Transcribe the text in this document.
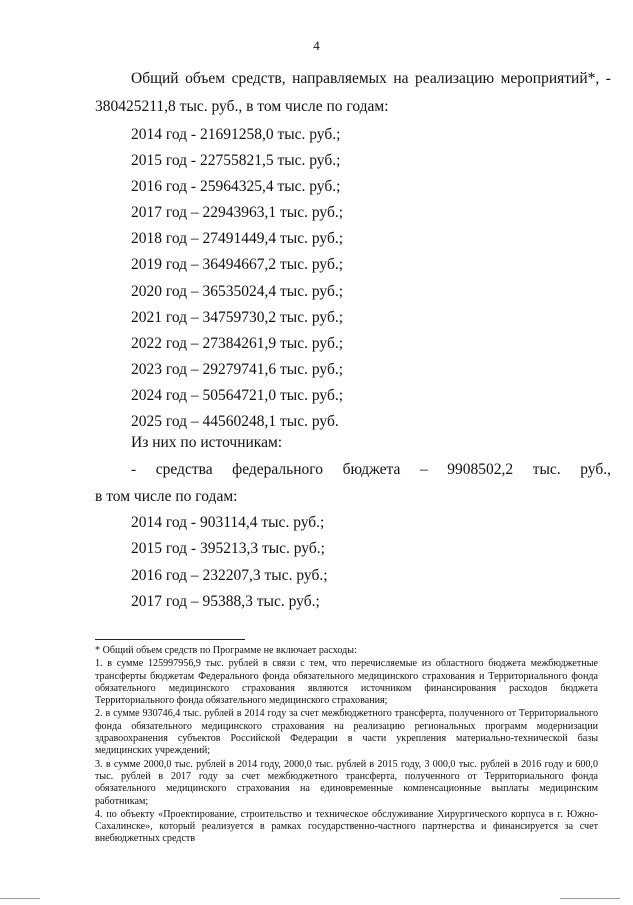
4
Общий объем средств, направляемых на реализацию мероприятий*, -
380425211,8 тыс. руб., в том числе по годам:
2014 год - 21691258,0 тыс. руб.;
2015 год - 22755821,5 тыс. руб.;
2016 год - 25964325,4 тыс. руб.;
2017 год – 22943963,1 тыс. руб.;
2018 год – 27491449,4 тыс. руб.;
2019 год – 36494667,2 тыс. руб.;
2020 год – 36535024,4 тыс. руб.;
2021 год – 34759730,2 тыс. руб.;
2022 год – 27384261,9 тыс. руб.;
2023 год – 29279741,6 тыс. руб.;
2024 год – 50564721,0 тыс. руб.;
2025 год – 44560248,1 тыс. руб.
Из них по источникам:
- средства федерального бюджета – 9908502,2 тыс. руб.,
в том числе по годам:
2014 год - 903114,4 тыс. руб.;
2015 год - 395213,3 тыс. руб.;
2016 год – 232207,3 тыс. руб.;
2017 год – 95388,3 тыс. руб.;

* Общий объем средств по Программе не включает расходы:

1. в сумме 125997956,9 тыс. рублей в связи с тем, что перечисляемые из областного бюджета межбюджетные трансферты бюджетам Федерального фонда обязательного медицинского страхования и Территориального фонда обязательного медицинского страхования являются источником финансирования расходов бюджета Территориального фонда обязательного медицинского страхования;

2. в сумме 930746,4 тыс. рублей в 2014 году за счет межбюджетного трансферта, полученного от Территориального фонда обязательного медицинского страхования на реализацию региональных программ модернизации здравоохранения субъектов Российской Федерации в части укрепления материально-технической базы медицинских учреждений;

3. в сумме 2000,0 тыс. рублей в 2014 году, 2000,0 тыс. рублей в 2015 году, 3 000,0 тыс. рублей в 2016 году и 600,0 тыс. рублей в 2017 году за счет межбюджетного трансферта, полученного от Территориального фонда обязательного медицинского страхования на единовременные компенсационные выплаты медицинским работникам;

4. по объекту «Проектирование, строительство и техническое обслуживание Хирургического корпуса в г. Южно-Сахалинске», который реализуется в рамках государственно-частного партнерства и финансируется за счет внебюджетных средств
